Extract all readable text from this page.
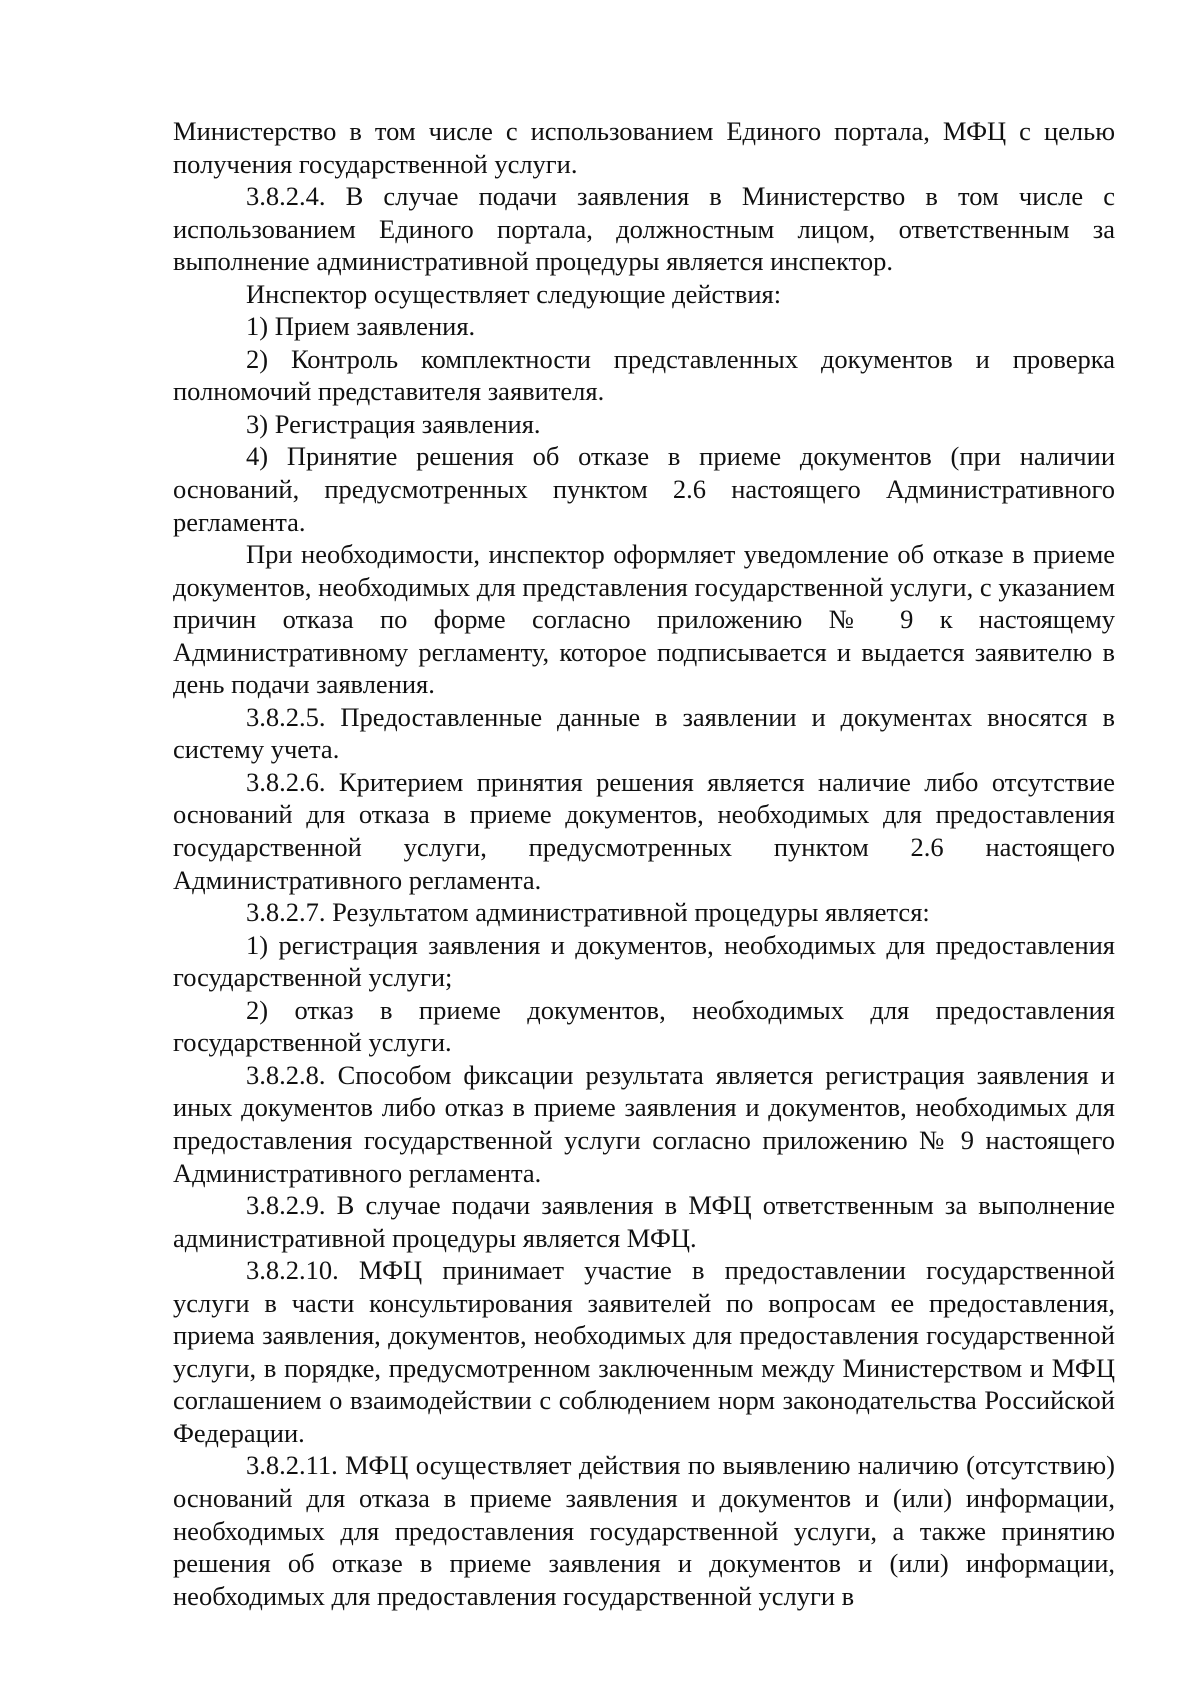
Министерство в том числе с использованием Единого портала, МФЦ с целью получения государственной услуги.

3.8.2.4. В случае подачи заявления в Министерство в том числе с использованием Единого портала, должностным лицом, ответственным за выполнение административной процедуры является инспектор.

Инспектор осуществляет следующие действия:

1) Прием заявления.

2) Контроль комплектности представленных документов и проверка полномочий представителя заявителя.

3) Регистрация заявления.

4) Принятие решения об отказе в приеме документов (при наличии оснований, предусмотренных пунктом 2.6 настоящего Административного регламента.

При необходимости, инспектор оформляет уведомление об отказе в приеме документов, необходимых для представления государственной услуги, с указанием причин отказа по форме согласно приложению № 9 к настоящему Административному регламенту, которое подписывается и выдается заявителю в день подачи заявления.

3.8.2.5. Предоставленные данные в заявлении и документах вносятся в систему учета.

3.8.2.6. Критерием принятия решения является наличие либо отсутствие оснований для отказа в приеме документов, необходимых для предоставления государственной услуги, предусмотренных пунктом 2.6 настоящего Административного регламента.

3.8.2.7. Результатом административной процедуры является:

1) регистрация заявления и документов, необходимых для предоставления государственной услуги;

2) отказ в приеме документов, необходимых для предоставления государственной услуги.

3.8.2.8. Способом фиксации результата является регистрация заявления и иных документов либо отказ в приеме заявления и документов, необходимых для предоставления государственной услуги согласно приложению № 9 настоящего Административного регламента.

3.8.2.9. В случае подачи заявления в МФЦ ответственным за выполнение административной процедуры является МФЦ.

3.8.2.10. МФЦ принимает участие в предоставлении государственной услуги в части консультирования заявителей по вопросам ее предоставления, приема заявления, документов, необходимых для предоставления государственной услуги, в порядке, предусмотренном заключенным между Министерством и МФЦ соглашением о взаимодействии с соблюдением норм законодательства Российской Федерации.

3.8.2.11. МФЦ осуществляет действия по выявлению наличию (отсутствию) оснований для отказа в приеме заявления и документов и (или) информации, необходимых для предоставления государственной услуги, а также принятию решения об отказе в приеме заявления и документов и (или) информации, необходимых для предоставления государственной услуги в
